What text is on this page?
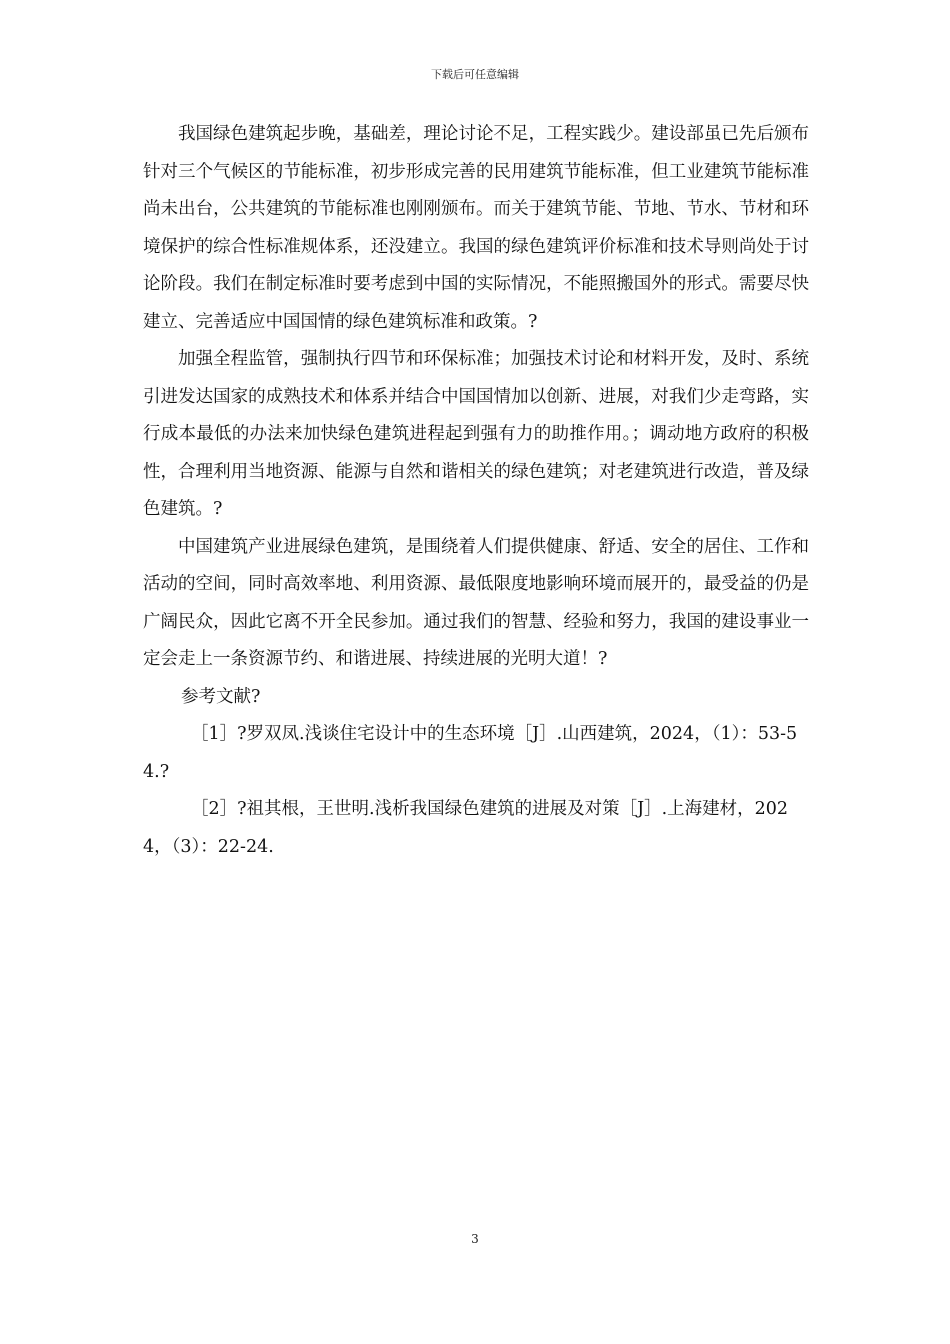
下载后可任意编辑

我国绿色建筑起步晚，基础差，理论讨论不足，工程实践少。建设部虽已先后颁布针对三个气候区的节能标准，初步形成完善的民用建筑节能标准，但工业建筑节能标准尚未出台，公共建筑的节能标准也刚刚颁布。而关于建筑节能、节地、节水、节材和环境保护的综合性标准规体系，还没建立。我国的绿色建筑评价标准和技术导则尚处于讨论阶段。我们在制定标准时要考虑到中国的实际情况，不能照搬国外的形式。需要尽快建立、完善适应中国国情的绿色建筑标准和政策。?

加强全程监管，强制执行四节和环保标准；加强技术讨论和材料开发，及时、系统引进发达国家的成熟技术和体系并结合中国国情加以创新、进展，对我们少走弯路，实行成本最低的办法来加快绿色建筑进程起到强有力的助推作用。；调动地方政府的积极性，合理利用当地资源、能源与自然和谐相关的绿色建筑；对老建筑进行改造，普及绿色建筑。?

中国建筑产业进展绿色建筑，是围绕着人们提供健康、舒适、安全的居住、工作和活动的空间，同时高效率地、利用资源、最低限度地影响环境而展开的，最受益的仍是广阔民众，因此它离不开全民参加。通过我们的智慧、经验和努力，我国的建设事业一定会走上一条资源节约、和谐进展、持续进展的光明大道！?

参考文献?

［1］?罗双凤.浅谈住宅设计中的生态环境［J］.山西建筑，2024，（1）：53-54.?

［2］?祖其根，王世明.浅析我国绿色建筑的进展及对策［J］.上海建材，2024，（3）：22-24.

3
